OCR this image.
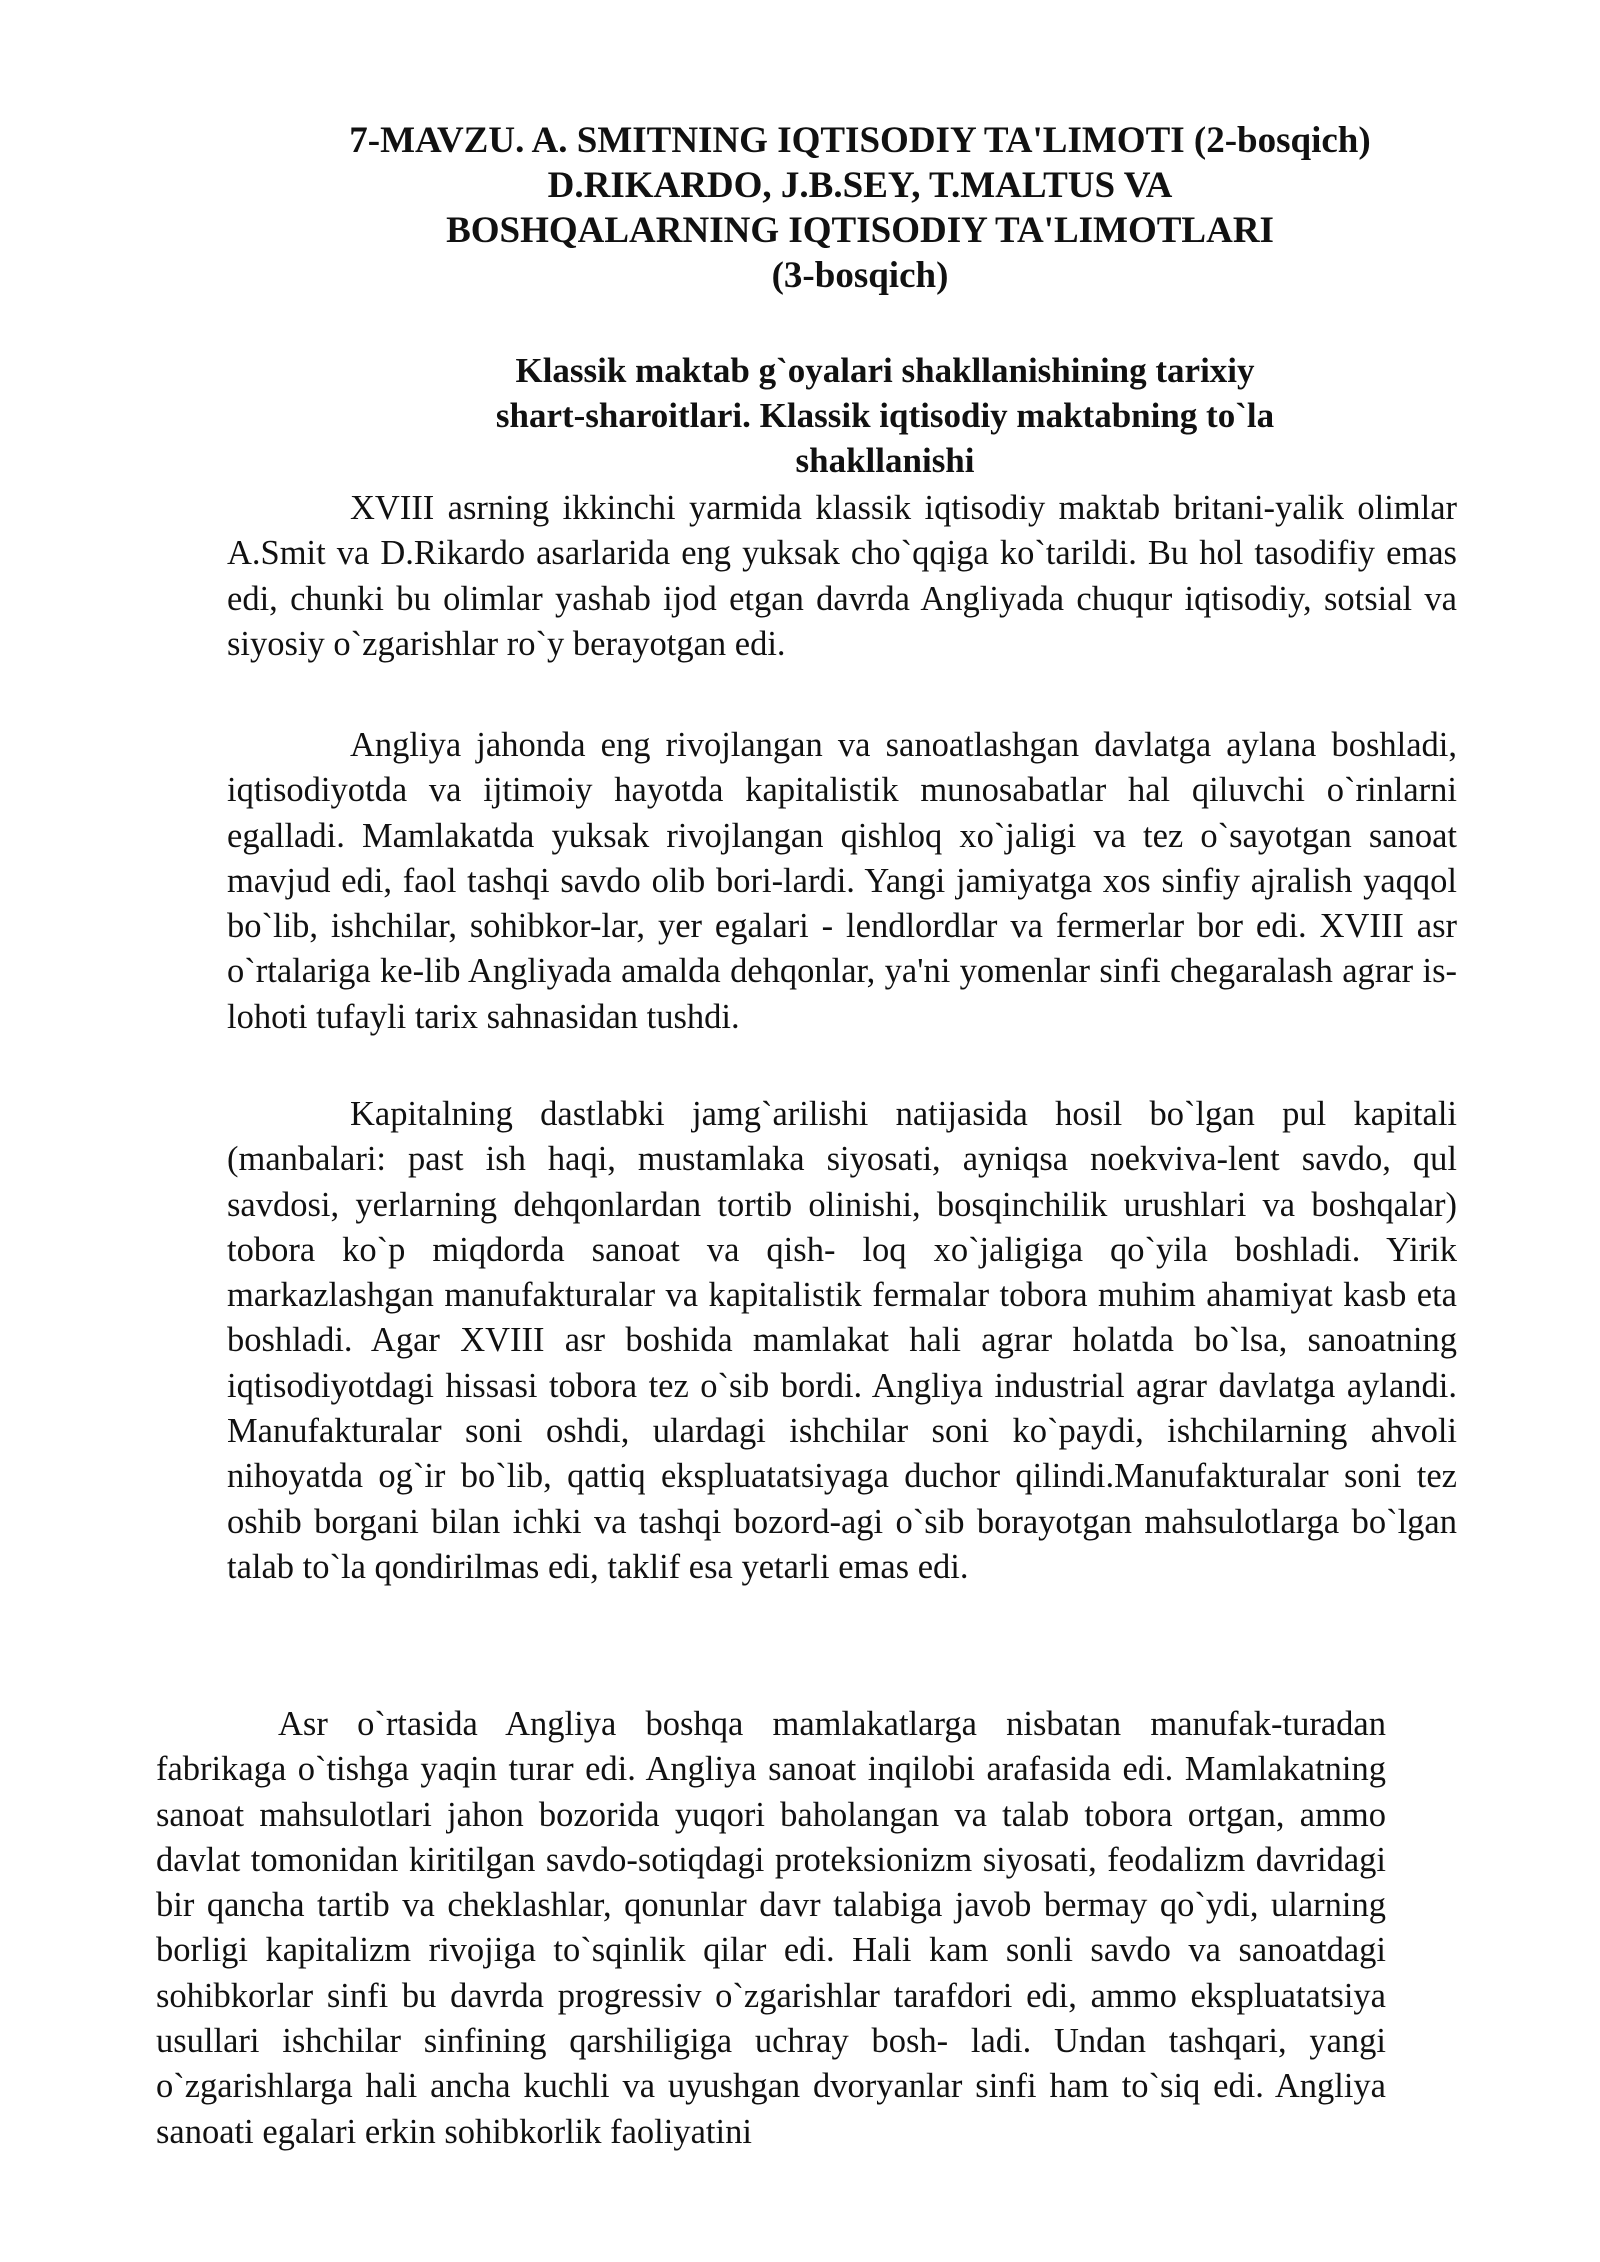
7-MAVZU. A. SMITNING IQTISODIY TA'LIMOTI (2-bosqich)
D.RIKARDO, J.B.SEY, T.MALTUS VA
BOSHQALARNING IQTISODIY TA'LIMOTLARI
(3-bosqich)
Klassik maktab g`oyalari shakllanishining tarixiy
shart-sharoitlari. Klassik iqtisodiy maktabning to`la
shakllanishi

XVIII asrning ikkinchi yarmida klassik iqtisodiy maktab britani-yalik olimlar A.Smit va D.Rikardo asarlarida eng yuksak cho`qqiga ko`tarildi. Bu hol tasodifiy emas edi, chunki bu olimlar yashab ijod etgan davrda Angliyada chuqur iqtisodiy, sotsial va siyosiy o`zgarishlar ro`y berayotgan edi.

Angliya jahonda eng rivojlangan va sanoatlashgan davlatga aylana boshladi, iqtisodiyotda va ijtimoiy hayotda kapitalistik munosabatlar hal qiluvchi o`rinlarni egalladi. Mamlakatda yuksak rivojlangan qishloq xo`jaligi va tez o`sayotgan sanoat mavjud edi, faol tashqi savdo olib bori-lardi. Yangi jamiyatga xos sinfiy ajralish yaqqol bo`lib, ishchilar, sohibkor-lar, yer egalari - lendlordlar va fermerlar bor edi. XVIII asr o`rtalariga ke-lib Angliyada amalda dehqonlar, ya'ni yomenlar sinfi chegaralash agrar is-lohoti tufayli tarix sahnasidan tushdi.

Kapitalning dastlabki jamg`arilishi natijasida hosil bo`lgan pul kapitali (manbalari: past ish haqi, mustamlaka siyosati, ayniqsa noekviva-lent savdo, qul savdosi, yerlarning dehqonlardan tortib olinishi, bosqinchilik urushlari va boshqalar) tobora ko`p miqdorda sanoat va qish- loq xo`jaligiga qo`yila boshladi. Yirik markazlashgan manufakturalar va kapitalistik fermalar tobora muhim ahamiyat kasb eta boshladi. Agar XVIII asr boshida mamlakat hali agrar holatda bo`lsa, sanoatning iqtisodiyotdagi hissasi tobora tez o`sib bordi. Angliya industrial agrar davlatga aylandi. Manufakturalar soni oshdi, ulardagi ishchilar soni ko`paydi, ishchilarning ahvoli nihoyatda og`ir bo`lib, qattiq ekspluatatsiyaga duchor qilindi.Manufakturalar soni tez oshib borgani bilan ichki va tashqi bozord-agi o`sib borayotgan mahsulotlarga bo`lgan talab to`la qondirilmas edi, taklif esa yetarli emas edi.

Asr o`rtasida Angliya boshqa mamlakatlarga nisbatan manufak-turadan fabrikaga o`tishga yaqin turar edi. Angliya sanoat inqilobi arafasida edi. Mamlakatning sanoat mahsulotlari jahon bozorida yuqori baholangan va talab tobora ortgan, ammo davlat tomonidan kiritilgan savdo-sotiqdagi proteksionizm siyosati, feodalizm davridagi bir qancha tartib va cheklashlar, qonunlar davr talabiga javob bermay qo`ydi, ularning borligi kapitalizm rivojiga to`sqinlik qilar edi. Hali kam sonli savdo va sanoatdagi sohibkorlar sinfi bu davrda progressiv o`zgarishlar tarafdori edi, ammo ekspluatatsiya usullari ishchilar sinfining qarshiligiga uchray bosh- ladi. Undan tashqari, yangi o`zgarishlarga hali ancha kuchli va uyushgan dvoryanlar sinfi ham to`siq edi. Angliya sanoati egalari erkin sohibkorlik faoliyatini
